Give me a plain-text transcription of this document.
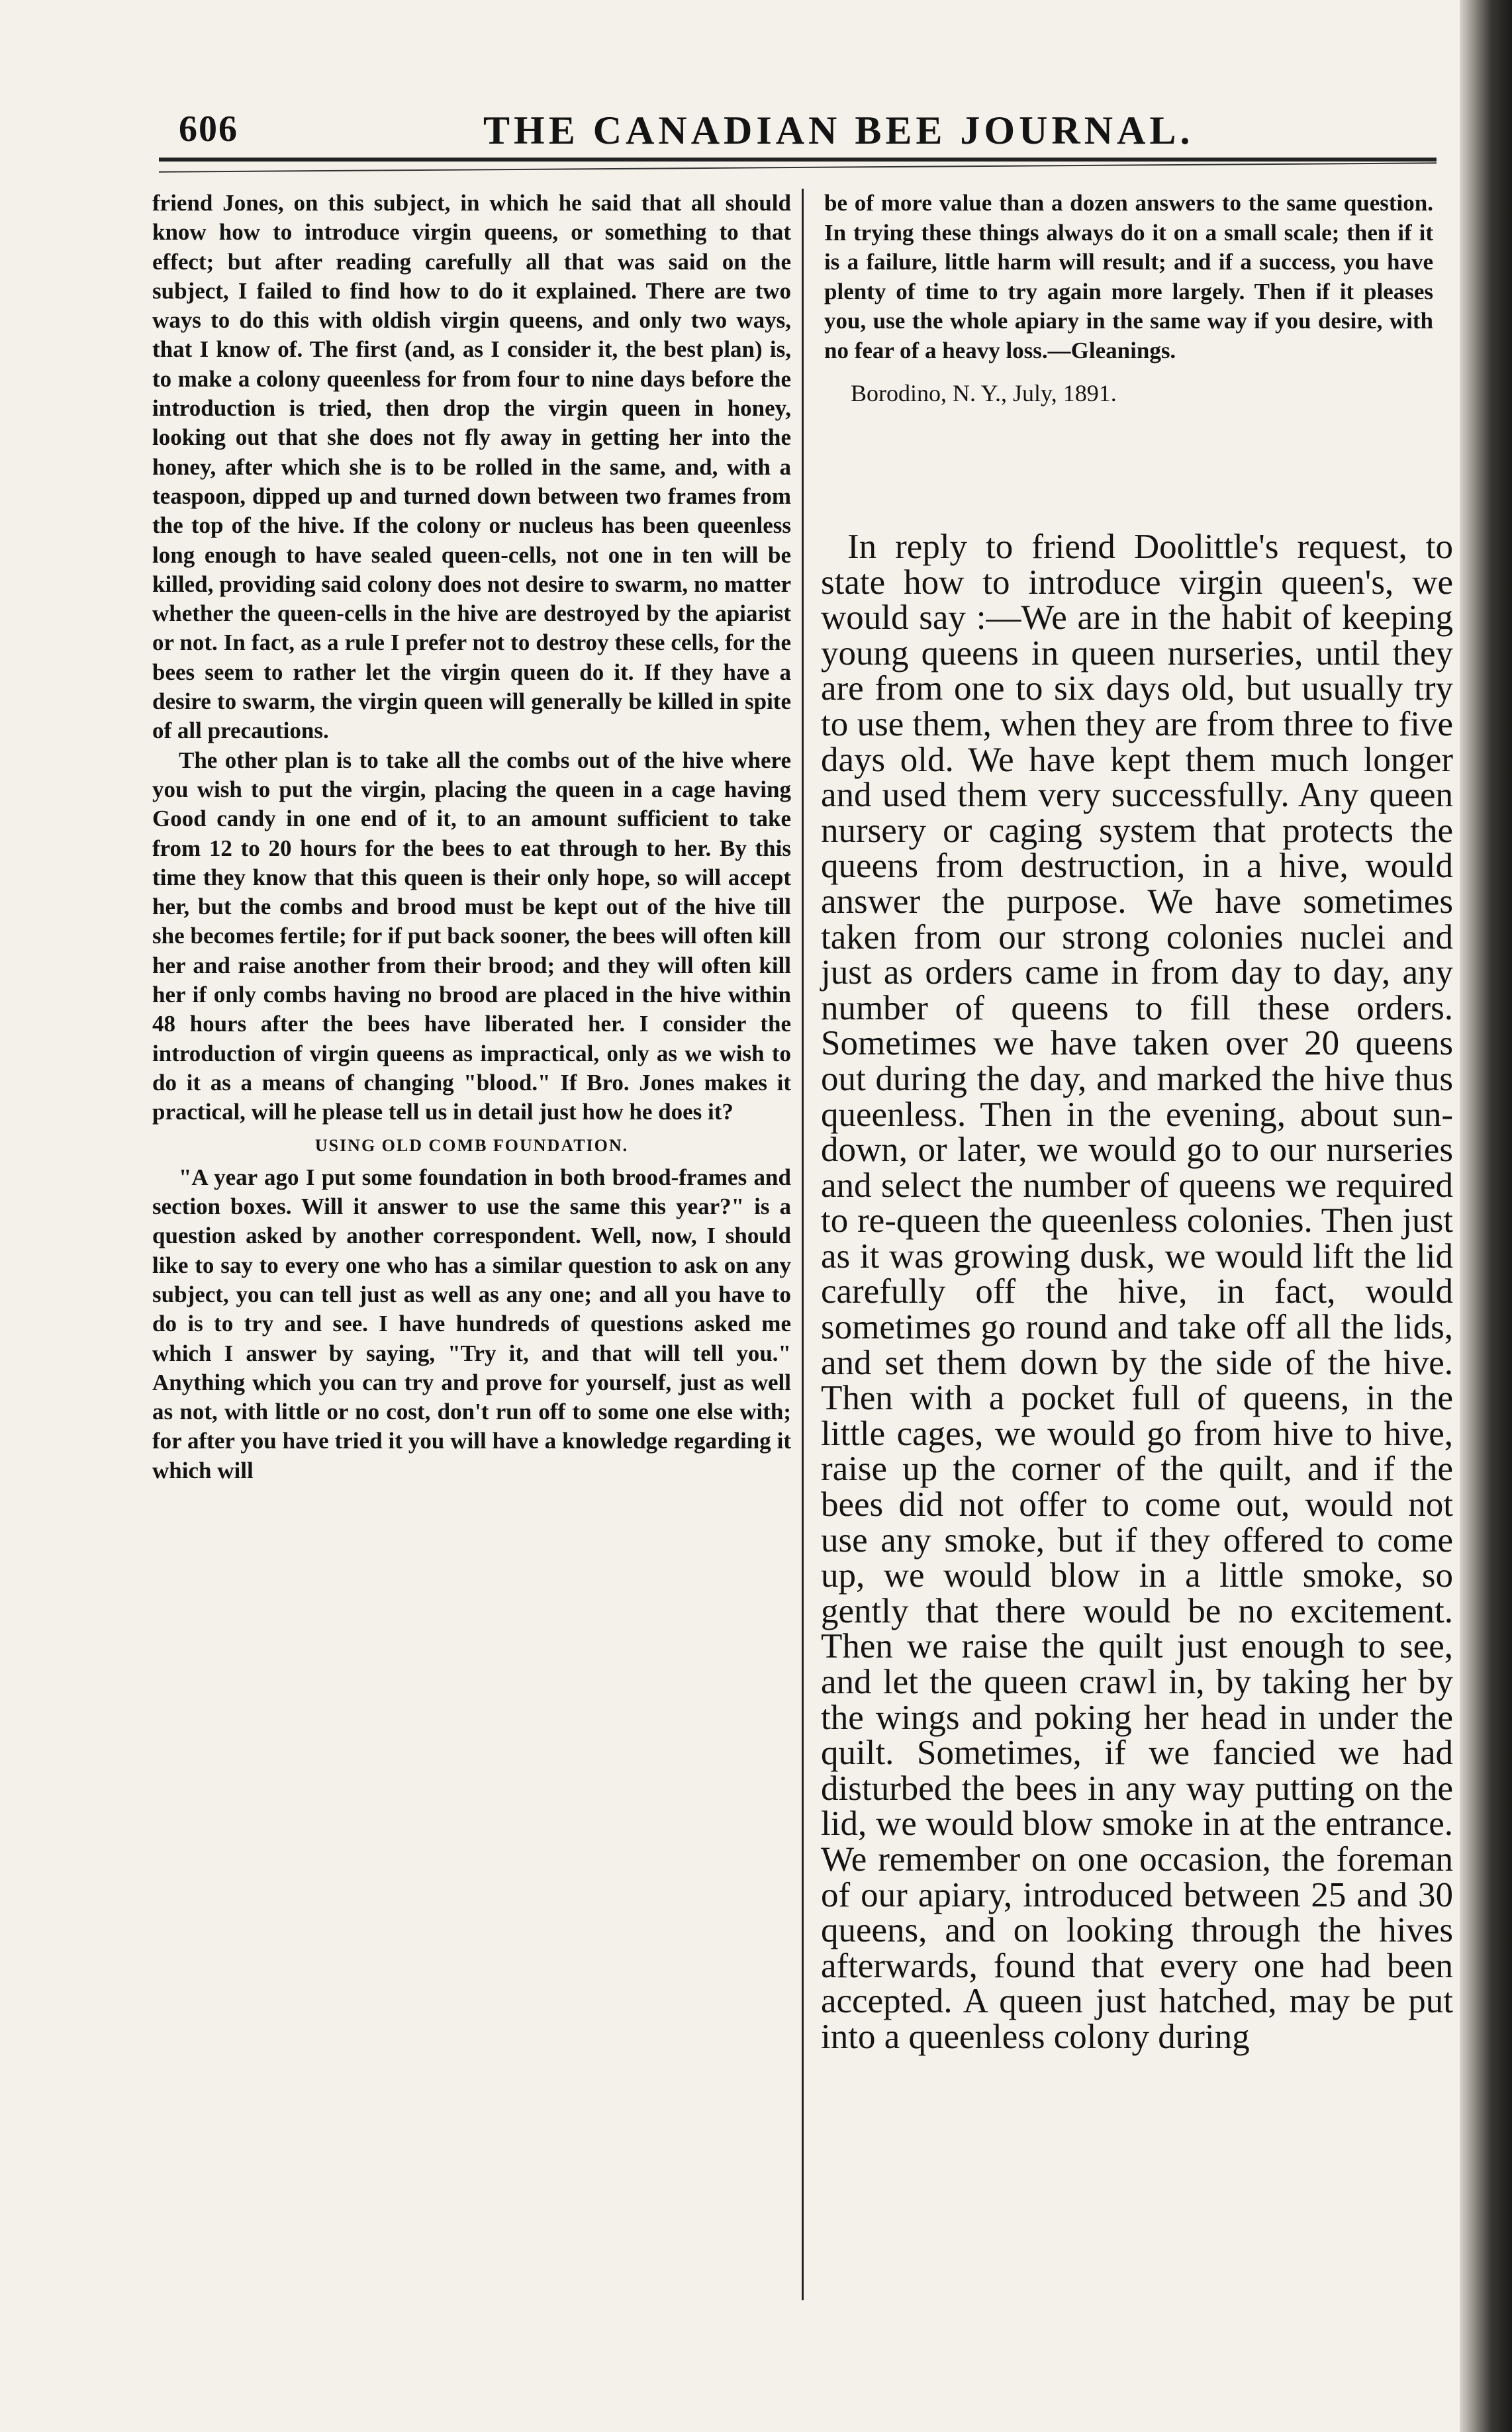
606	THE CANADIAN BEE JOURNAL.

friend Jones, on this subject, in which he said that all should know how to introduce virgin queens, or something to that effect; but after reading carefully all that was said on the subject, I failed to find how to do it explained. There are two ways to do this with oldish virgin queens, and only two ways, that I know of. The first (and, as I consider it, the best plan) is, to make a colony queenless for from four to nine days before the introduction is tried, then drop the virgin queen in honey, looking out that she does not fly away in getting her into the honey, after which she is to be rolled in the same, and, with a teaspoon, dipped up and turned down between two frames from the top of the hive. If the colony or nucleus has been queenless long enough to have sealed queen-cells, not one in ten will be killed, providing said colony does not desire to swarm, no matter whether the queen-cells in the hive are destroyed by the apiarist or not. In fact, as a rule I prefer not to destroy these cells, for the bees seem to rather let the virgin queen do it. If they have a desire to swarm, the virgin queen will generally be killed in spite of all precautions.

The other plan is to take all the combs out of the hive where you wish to put the virgin, placing the queen in a cage having Good candy in one end of it, to an amount sufficient to take from 12 to 20 hours for the bees to eat through to her. By this time they know that this queen is their only hope, so will accept her, but the combs and brood must be kept out of the hive till she becomes fertile; for if put back sooner, the bees will often kill her and raise another from their brood; and they will often kill her if only combs having no brood are placed in the hive within 48 hours after the bees have liberated her. I consider the introduction of virgin queens as impractical, only as we wish to do it as a means of changing "blood." If Bro. Jones makes it practical, will he please tell us in detail just how he does it?

USING OLD COMB FOUNDATION.

"A year ago I put some foundation in both brood-frames and section boxes. Will it answer to use the same this year?" is a question asked by another correspondent. Well, now, I should like to say to every one who has a similar question to ask on any subject, you can tell just as well as any one; and all you have to do is to try and see. I have hundreds of questions asked me which I answer by saying, "Try it, and that will tell you." Anything which you can try and prove for yourself, just as well as not, with little or no cost, don't run off to some one else with; for after you have tried it you will have a knowledge regarding it which will

be of more value than a dozen answers to the same question. In trying these things always do it on a small scale; then if it is a failure, little harm will result; and if a success, you have plenty of time to try again more largely. Then if it pleases you, use the whole apiary in the same way if you desire, with no fear of a heavy loss.—Gleanings.

Borodino, N. Y., July, 1891.

In reply to friend Doolittle's request, to state how to introduce virgin queen's, we would say :—We are in the habit of keeping young queens in queen nurseries, until they are from one to six days old, but usually try to use them, when they are from three to five days old. We have kept them much longer and used them very successfully. Any queen nursery or caging system that protects the queens from destruction, in a hive, would answer the purpose. We have sometimes taken from our strong colonies nuclei and just as orders came in from day to day, any number of queens to fill these orders. Sometimes we have taken over 20 queens out during the day, and marked the hive thus queenless. Then in the evening, about sun-down, or later, we would go to our nurseries and select the number of queens we required to re-queen the queenless colonies. Then just as it was growing dusk, we would lift the lid carefully off the hive, in fact, would sometimes go round and take off all the lids, and set them down by the side of the hive. Then with a pocket full of queens, in the little cages, we would go from hive to hive, raise up the corner of the quilt, and if the bees did not offer to come out, would not use any smoke, but if they offered to come up, we would blow in a little smoke, so gently that there would be no excitement. Then we raise the quilt just enough to see, and let the queen crawl in, by taking her by the wings and poking her head in under the quilt. Sometimes, if we fancied we had disturbed the bees in any way putting on the lid, we would blow smoke in at the entrance. We remember on one occasion, the foreman of our apiary, introduced between 25 and 30 queens, and on looking through the hives afterwards, found that every one had been accepted. A queen just hatched, may be put into a queenless colony during
